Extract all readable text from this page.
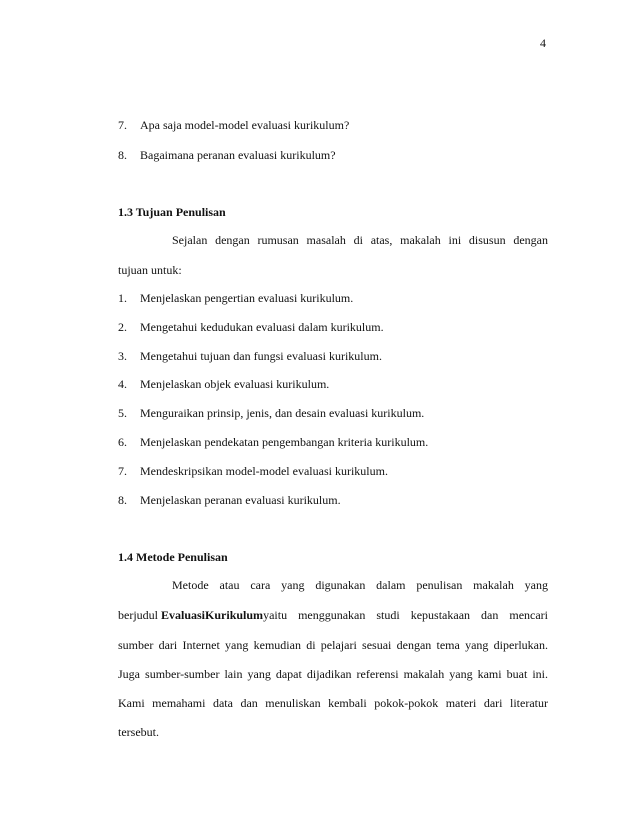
4
7. Apa saja model-model evaluasi kurikulum?
8. Bagaimana peranan evaluasi kurikulum?
1.3 Tujuan Penulisan
Sejalan dengan rumusan masalah di atas, makalah ini disusun dengan
tujuan untuk:
1. Menjelaskan pengertian evaluasi kurikulum.
2. Mengetahui kedudukan evaluasi dalam kurikulum.
3. Mengetahui tujuan dan fungsi evaluasi kurikulum.
4. Menjelaskan objek evaluasi kurikulum.
5. Menguraikan prinsip, jenis, dan desain evaluasi kurikulum.
6. Menjelaskan pendekatan pengembangan kriteria kurikulum.
7. Mendeskripsikan model-model evaluasi kurikulum.
8. Menjelaskan peranan evaluasi kurikulum.
1.4 Metode Penulisan
Metode atau cara yang digunakan dalam penulisan makalah yang
berjudul Evaluasi Kurikulum yaitu menggunakan studi kepustakaan dan mencari
sumber dari Internet yang kemudian di pelajari sesuai dengan tema yang diperlukan.
Juga sumber-sumber lain yang dapat dijadikan referensi makalah yang kami buat ini.
Kami memahami data dan menuliskan kembali pokok-pokok materi dari literatur
tersebut.
